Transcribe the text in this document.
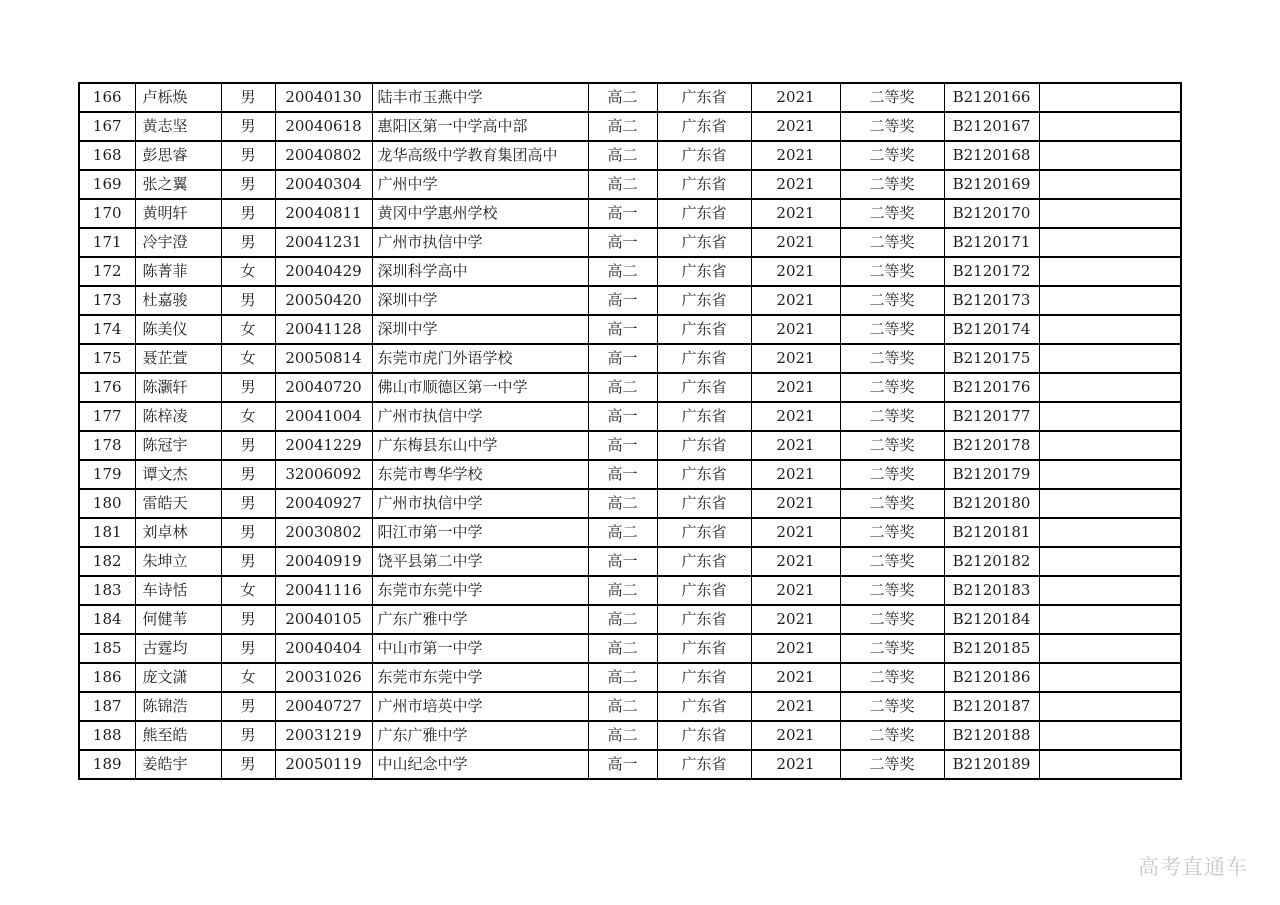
166	卢栎焕	男	20040130	陆丰市玉燕中学	高二	广东省	2021	二等奖	B2120166	
167	黄志坚	男	20040618	惠阳区第一中学高中部	高二	广东省	2021	二等奖	B2120167	
168	彭思睿	男	20040802	龙华高级中学教育集团高中	高二	广东省	2021	二等奖	B2120168	
169	张之翼	男	20040304	广州中学	高二	广东省	2021	二等奖	B2120169	
170	黄明轩	男	20040811	黄冈中学惠州学校	高一	广东省	2021	二等奖	B2120170	
171	冷宇澄	男	20041231	广州市执信中学	高一	广东省	2021	二等奖	B2120171	
172	陈菁菲	女	20040429	深圳科学高中	高二	广东省	2021	二等奖	B2120172	
173	杜嘉骏	男	20050420	深圳中学	高一	广东省	2021	二等奖	B2120173	
174	陈美仪	女	20041128	深圳中学	高一	广东省	2021	二等奖	B2120174	
175	聂芷萱	女	20050814	东莞市虎门外语学校	高一	广东省	2021	二等奖	B2120175	
176	陈灏轩	男	20040720	佛山市顺德区第一中学	高二	广东省	2021	二等奖	B2120176	
177	陈梓凌	女	20041004	广州市执信中学	高一	广东省	2021	二等奖	B2120177	
178	陈冠宇	男	20041229	广东梅县东山中学	高一	广东省	2021	二等奖	B2120178	
179	谭文杰	男	32006092	东莞市粤华学校	高一	广东省	2021	二等奖	B2120179	
180	雷皓天	男	20040927	广州市执信中学	高二	广东省	2021	二等奖	B2120180	
181	刘卓林	男	20030802	阳江市第一中学	高二	广东省	2021	二等奖	B2120181	
182	朱坤立	男	20040919	饶平县第二中学	高一	广东省	2021	二等奖	B2120182	
183	车诗恬	女	20041116	东莞市东莞中学	高二	广东省	2021	二等奖	B2120183	
184	何健苇	男	20040105	广东广雅中学	高二	广东省	2021	二等奖	B2120184	
185	古霆均	男	20040404	中山市第一中学	高二	广东省	2021	二等奖	B2120185	
186	庞文潇	女	20031026	东莞市东莞中学	高二	广东省	2021	二等奖	B2120186	
187	陈锦浩	男	20040727	广州市培英中学	高二	广东省	2021	二等奖	B2120187	
188	熊至皓	男	20031219	广东广雅中学	高二	广东省	2021	二等奖	B2120188	
189	姜皓宇	男	20050119	中山纪念中学	高一	广东省	2021	二等奖	B2120189	
高考直通车
